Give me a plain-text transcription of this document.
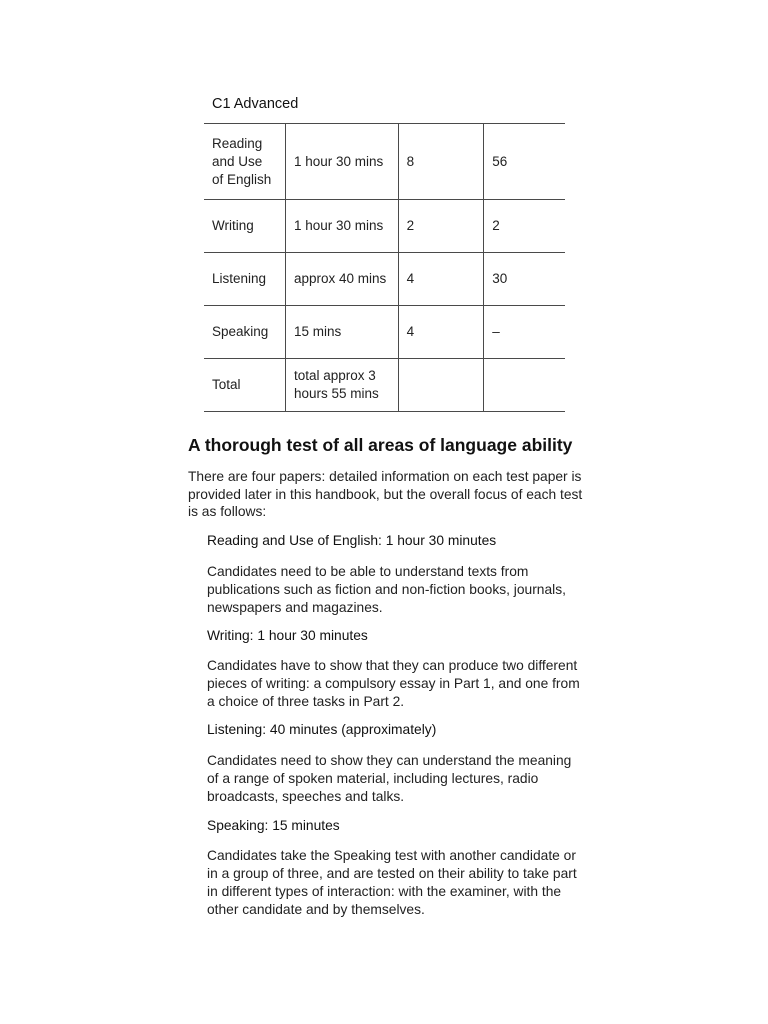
C1 Advanced
Reading and Use of English	1 hour 30 mins	8	56
Writing	1 hour 30 mins	2	2
Listening	approx 40 mins	4	30
Speaking	15 mins	4	–
Total	total approx 3 hours 55 mins		
A thorough test of all areas of language ability

There are four papers: detailed information on each test paper is provided later in this handbook, but the overall focus of each test is as follows:

Reading and Use of English: 1 hour 30 minutes

Candidates need to be able to understand texts from publications such as fiction and non-fiction books, journals, newspapers and magazines.

Writing: 1 hour 30 minutes

Candidates have to show that they can produce two different pieces of writing: a compulsory essay in Part 1, and one from a choice of three tasks in Part 2.

Listening: 40 minutes (approximately)

Candidates need to show they can understand the meaning of a range of spoken material, including lectures, radio broadcasts, speeches and talks.

Speaking: 15 minutes

Candidates take the Speaking test with another candidate or in a group of three, and are tested on their ability to take part in different types of interaction: with the examiner, with the other candidate and by themselves.
